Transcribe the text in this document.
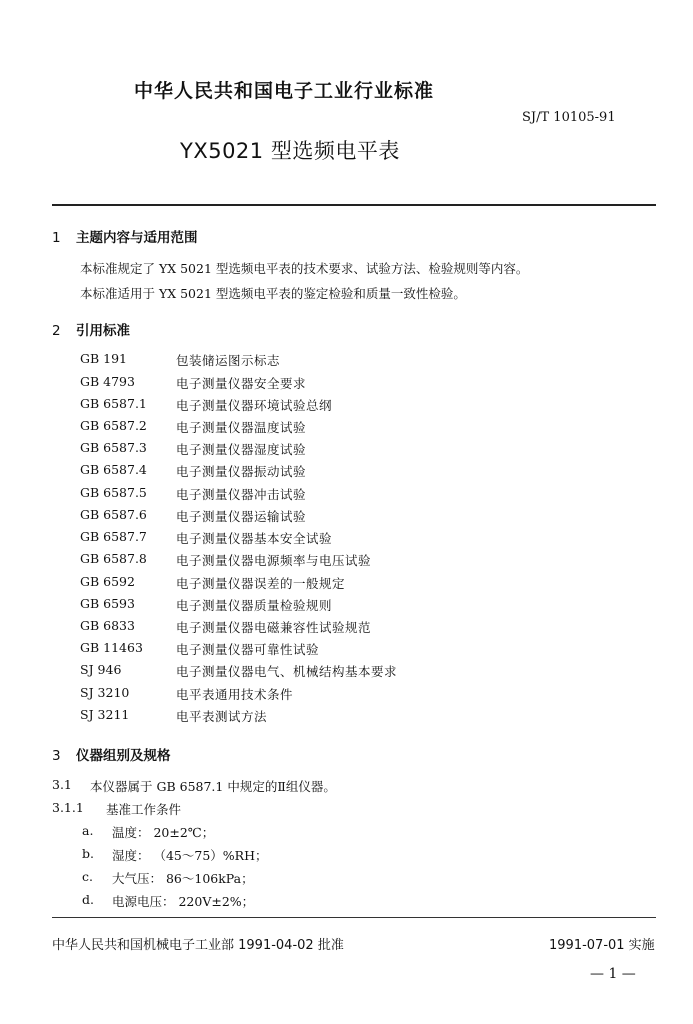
中华人民共和国电子工业行业标准
SJ/T 10105-91
YX5021 型选频电平表
1 主题内容与适用范围
本标准规定了 YX 5021 型选频电平表的技术要求、试验方法、检验规则等内容。
本标准适用于 YX 5021 型选频电平表的鉴定检验和质量一致性检验。
2 引用标准
GB 191	包装储运图示标志
GB 4793	电子测量仪器安全要求
GB 6587.1 电子测量仪器环境试验总纲
GB 6587.2 电子测量仪器温度试验
GB 6587.3 电子测量仪器湿度试验
GB 6587.4 电子测量仪器振动试验
GB 6587.5 电子测量仪器冲击试验
GB 6587.6 电子测量仪器运输试验
GB 6587.7 电子测量仪器基本安全试验
GB 6587.8 电子测量仪器电源频率与电压试验
GB 6592	电子测量仪器误差的一般规定
GB 6593	电子测量仪器质量检验规则
GB 6833	电子测量仪器电磁兼容性试验规范
GB 11463	电子测量仪器可靠性试验
SJ 946	电子测量仪器电气、机械结构基本要求
SJ 3210	电平表通用技术条件
SJ 3211	电平表测试方法
3 仪器组别及规格
3.1 本仪器属于 GB 6587.1 中规定的Ⅱ组仪器。
3.1.1 基准工作条件
a. 温度： 20±2℃；
b. 湿度： （45～75）%RH；
c. 大气压： 86～106kPa；
d. 电源电压： 220V±2%；
中华人民共和国机械电子工业部 1991-04-02 批准	1991-07-01 实施
— 1 —
